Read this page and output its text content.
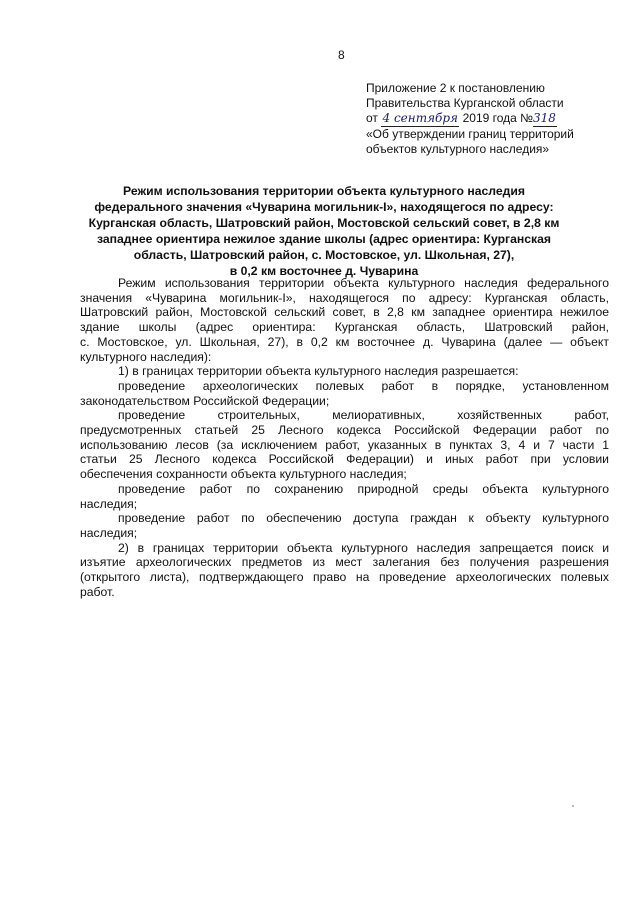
8
Приложение 2 к постановлению
Правительства Курганской области
от 4 сентября 2019 года №318
«Об утверждении границ территорий
объектов культурного наследия»
Режим использования территории объекта культурного наследия
федерального значения «Чуварина могильник-I», находящегося по адресу:
Курганская область, Шатровский район, Мостовской сельский совет, в 2,8 км
западнее ориентира нежилое здание школы (адрес ориентира: Курганская
область, Шатровский район, с. Мостовское, ул. Школьная, 27),
в 0,2 км восточнее д. Чуварина
Режим использования территории объекта культурного наследия федерального
значения «Чуварина могильник-I», находящегося по адресу: Курганская область,
Шатровский район, Мостовской сельский совет, в 2,8 км западнее ориентира нежилое
здание школы (адрес ориентира: Курганская область, Шатровский район,
с. Мостовское, ул. Школьная, 27), в 0,2 км восточнее д. Чуварина (далее — объект
культурного наследия):
1) в границах территории объекта культурного наследия разрешается:
проведение археологических полевых работ в порядке, установленном
законодательством Российской Федерации;
проведение строительных, мелиоративных, хозяйственных работ,
предусмотренных статьей 25 Лесного кодекса Российской Федерации работ по
использованию лесов (за исключением работ, указанных в пунктах 3, 4 и 7 части 1
статьи 25 Лесного кодекса Российской Федерации) и иных работ при условии
обеспечения сохранности объекта культурного наследия;
проведение работ по сохранению природной среды объекта культурного
наследия;
проведение работ по обеспечению доступа граждан к объекту культурного
наследия;
2) в границах территории объекта культурного наследия запрещается поиск и
изъятие археологических предметов из мест залегания без получения разрешения
(открытого листа), подтверждающего право на проведение археологических полевых
работ.
